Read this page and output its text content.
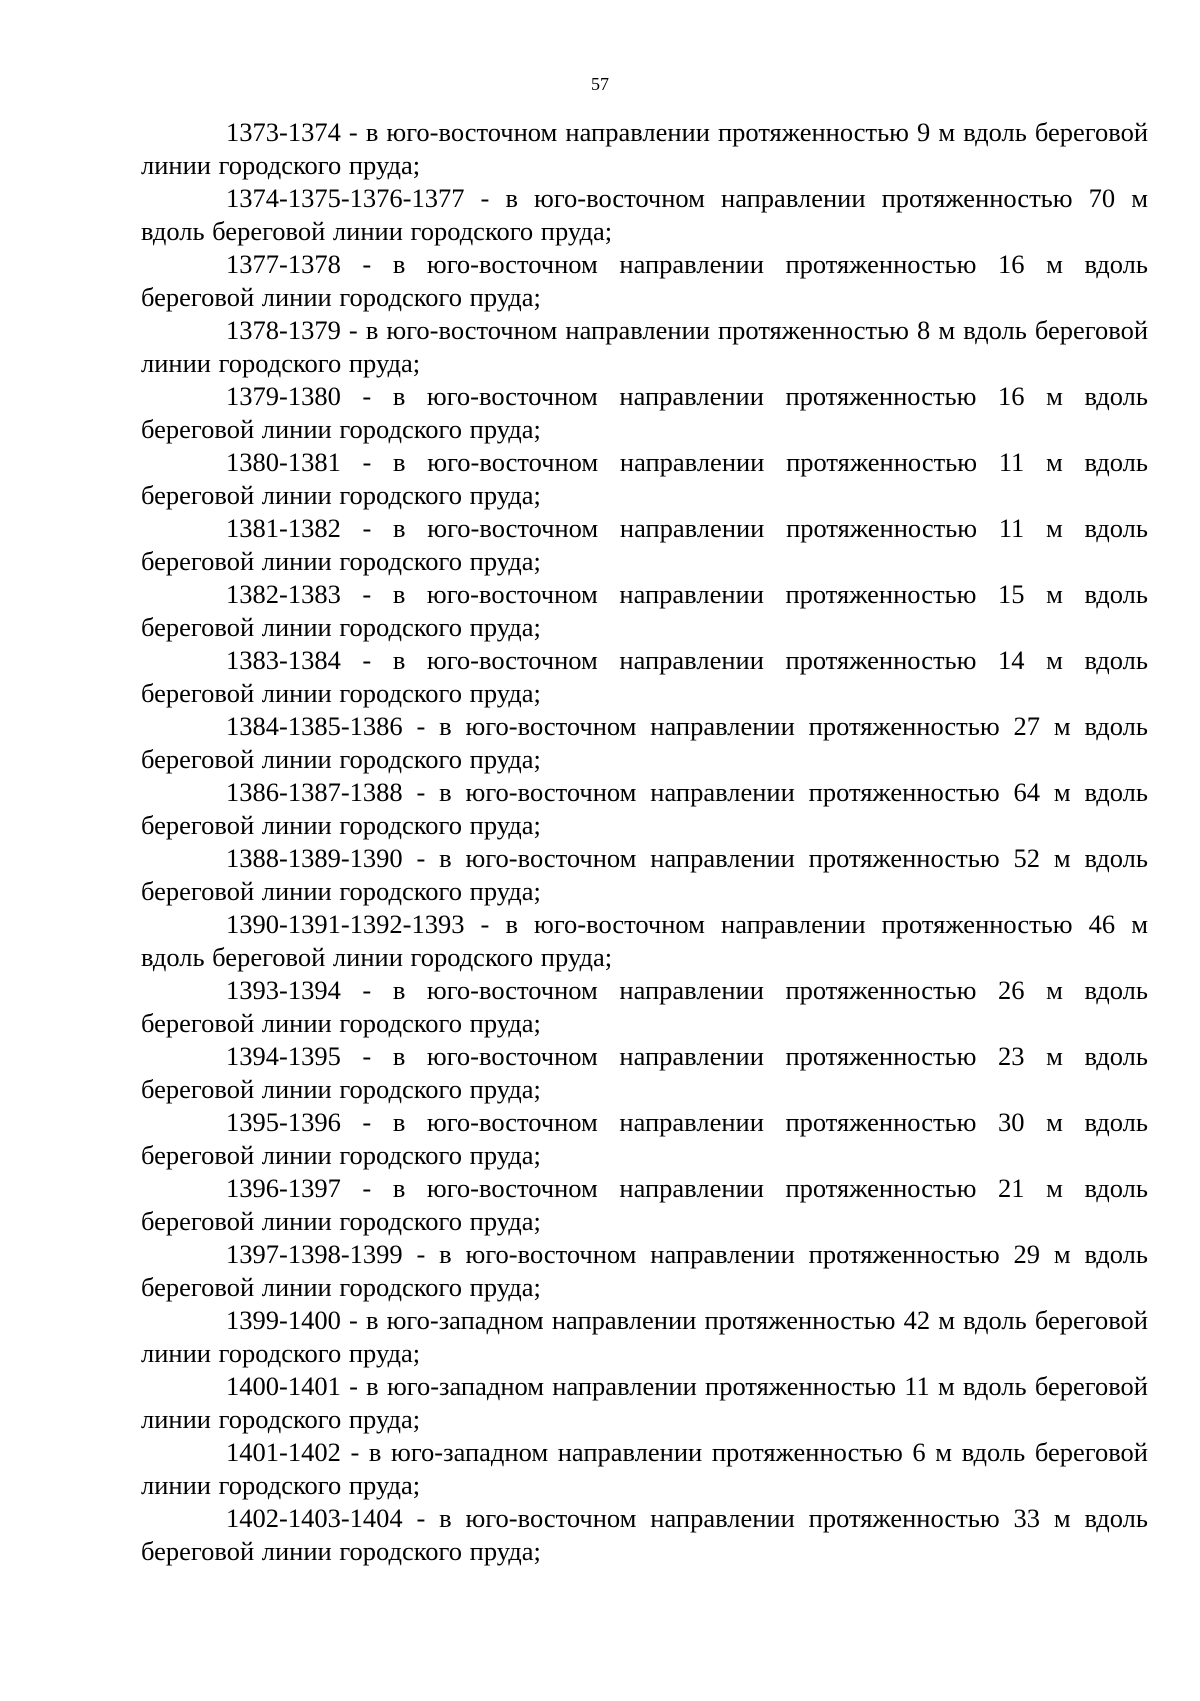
57

1373-1374 - в юго-восточном направлении протяженностью 9 м вдоль береговой линии городского пруда;

1374-1375-1376-1377 - в юго-восточном направлении протяженностью 70 м вдоль береговой линии городского пруда;

1377-1378 - в юго-восточном направлении протяженностью 16 м вдоль береговой линии городского пруда;

1378-1379 - в юго-восточном направлении протяженностью 8 м вдоль береговой линии городского пруда;

1379-1380 - в юго-восточном направлении протяженностью 16 м вдоль береговой линии городского пруда;

1380-1381 - в юго-восточном направлении протяженностью 11 м вдоль береговой линии городского пруда;

1381-1382 - в юго-восточном направлении протяженностью 11 м вдоль береговой линии городского пруда;

1382-1383 - в юго-восточном направлении протяженностью 15 м вдоль береговой линии городского пруда;

1383-1384 - в юго-восточном направлении протяженностью 14 м вдоль береговой линии городского пруда;

1384-1385-1386 - в юго-восточном направлении протяженностью 27 м вдоль береговой линии городского пруда;

1386-1387-1388 - в юго-восточном направлении протяженностью 64 м вдоль береговой линии городского пруда;

1388-1389-1390 - в юго-восточном направлении протяженностью 52 м вдоль береговой линии городского пруда;

1390-1391-1392-1393 - в юго-восточном направлении протяженностью 46 м вдоль береговой линии городского пруда;

1393-1394 - в юго-восточном направлении протяженностью 26 м вдоль береговой линии городского пруда;

1394-1395 - в юго-восточном направлении протяженностью 23 м вдоль береговой линии городского пруда;

1395-1396 - в юго-восточном направлении протяженностью 30 м вдоль береговой линии городского пруда;

1396-1397 - в юго-восточном направлении протяженностью 21 м вдоль береговой линии городского пруда;

1397-1398-1399 - в юго-восточном направлении протяженностью 29 м вдоль береговой линии городского пруда;

1399-1400 - в юго-западном направлении протяженностью 42 м вдоль береговой линии городского пруда;

1400-1401 - в юго-западном направлении протяженностью 11 м вдоль береговой линии городского пруда;

1401-1402 - в юго-западном направлении протяженностью 6 м вдоль береговой линии городского пруда;

1402-1403-1404 - в юго-восточном направлении протяженностью 33 м вдоль береговой линии городского пруда;
